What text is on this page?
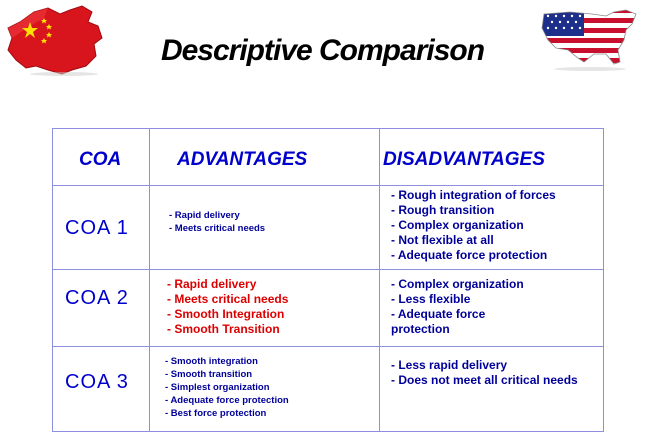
Descriptive Comparison
COA	ADVANTAGES	DISADVANTAGES
COA 1
- Rapid delivery
- Meets critical needs
- Rough integration of forces
- Rough transition
- Complex organization
- Not flexible at all
- Adequate force protection
COA 2
- Rapid delivery
- Meets critical needs
- Smooth Integration
- Smooth Transition
- Complex organization
- Less flexible
- Adequate force
protection
COA 3
- Smooth integration
- Smooth transition
- Simplest organization
- Adequate force protection
- Best force protection
- Less rapid delivery
- Does not meet all critical needs
